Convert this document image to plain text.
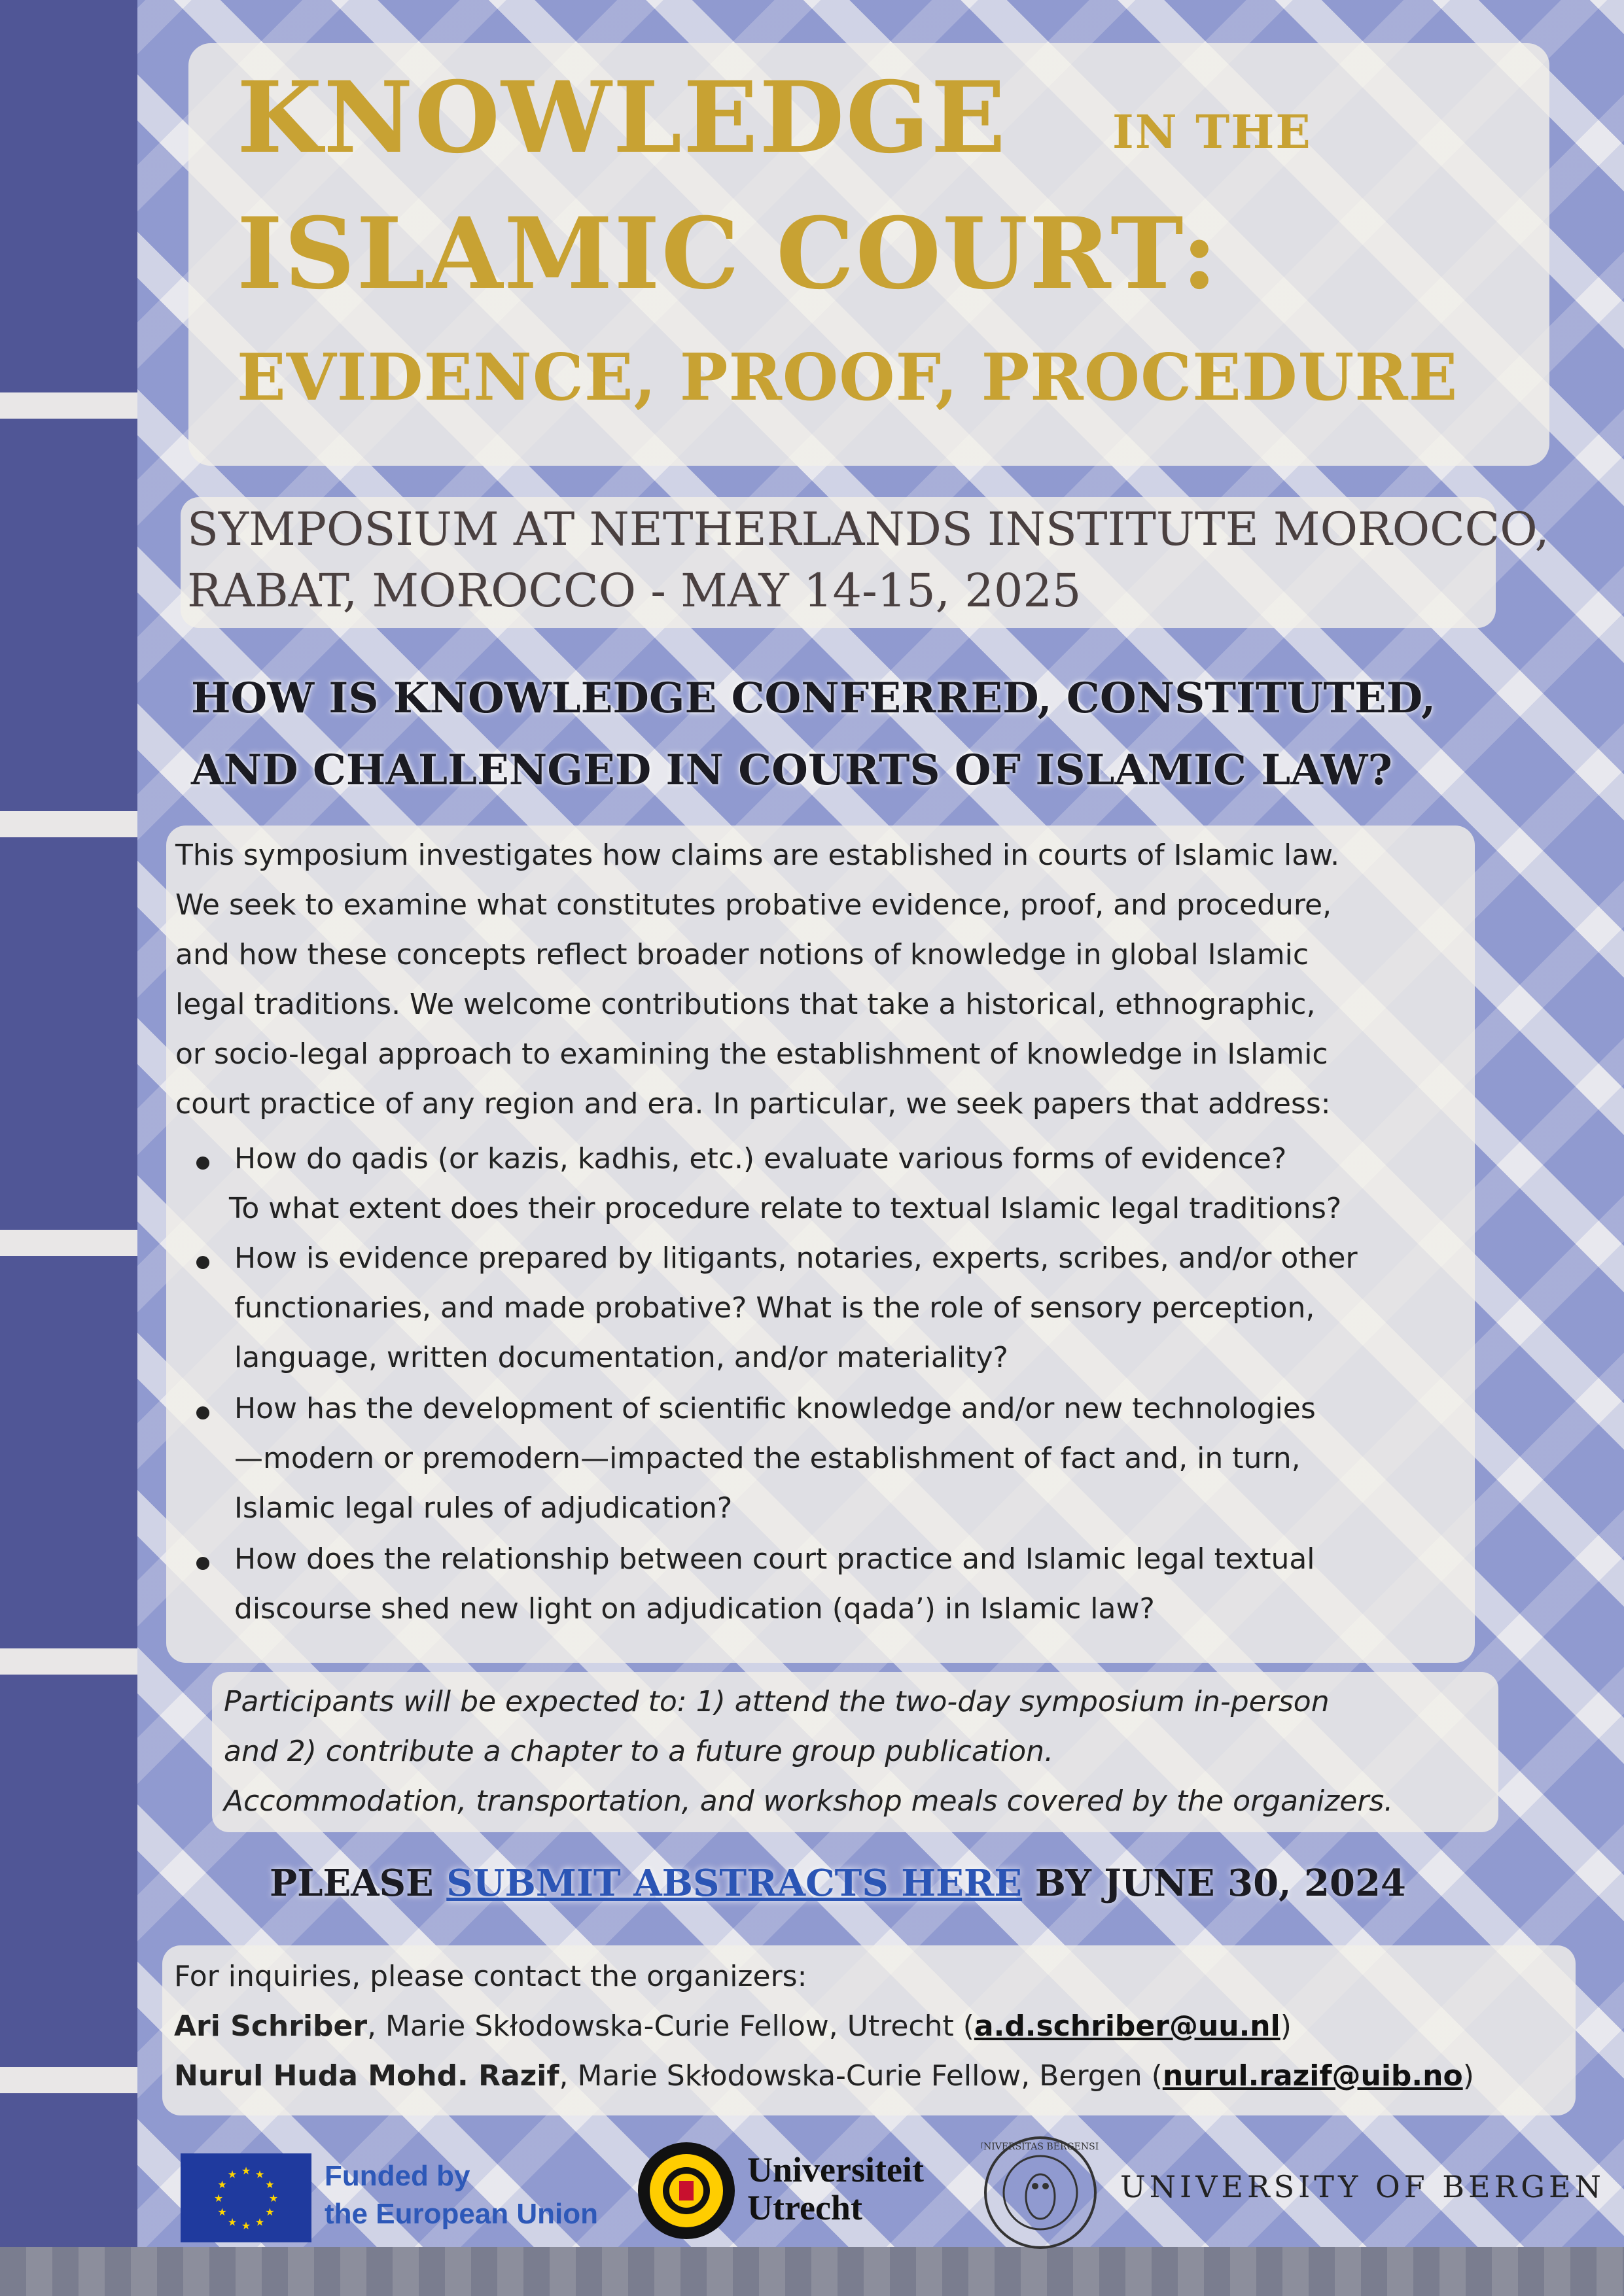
KNOWLEDGE IN THE
ISLAMIC COURT:
EVIDENCE, PROOF, PROCEDURE
SYMPOSIUM AT NETHERLANDS INSTITUTE MOROCCO,
RABAT, MOROCCO - MAY 14-15, 2025
HOW IS KNOWLEDGE CONFERRED, CONSTITUTED,
AND CHALLENGED IN COURTS OF ISLAMIC LAW?
This symposium investigates how claims are established in courts of Islamic law.
We seek to examine what constitutes probative evidence, proof, and procedure,
and how these concepts reflect broader notions of knowledge in global Islamic
legal traditions. We welcome contributions that take a historical, ethnographic,
or socio-legal approach to examining the establishment of knowledge in Islamic
court practice of any region and era. In particular, we seek papers that address:
How do qadis (or kazis, kadhis, etc.) evaluate various forms of evidence?
To what extent does their procedure relate to textual Islamic legal traditions?
How is evidence prepared by litigants, notaries, experts, scribes, and/or other
functionaries, and made probative? What is the role of sensory perception,
language, written documentation, and/or materiality?
How has the development of scientific knowledge and/or new technologies
—modern or premodern—impacted the establishment of fact and, in turn,
Islamic legal rules of adjudication?
How does the relationship between court practice and Islamic legal textual
discourse shed new light on adjudication (qada’) in Islamic law?
Participants will be expected to: 1) attend the two-day symposium in-person
and 2) contribute a chapter to a future group publication.
Accommodation, transportation, and workshop meals covered by the organizers.
PLEASE SUBMIT ABSTRACTS HERE BY JUNE 30, 2024
For inquiries, please contact the organizers:
Ari Schriber, Marie Skłodowska-Curie Fellow, Utrecht (a.d.schriber@uu.nl)
Nurul Huda Mohd. Razif, Marie Skłodowska-Curie Fellow, Bergen (nurul.razif@uib.no)
★
★
★
★
★
★
★
★
★ ★ ★
★ Funded by
the European Union
Universiteit
Utrecht
UNIVERSITAS BERGENSIS
UNIVERSITY OF BERGEN
